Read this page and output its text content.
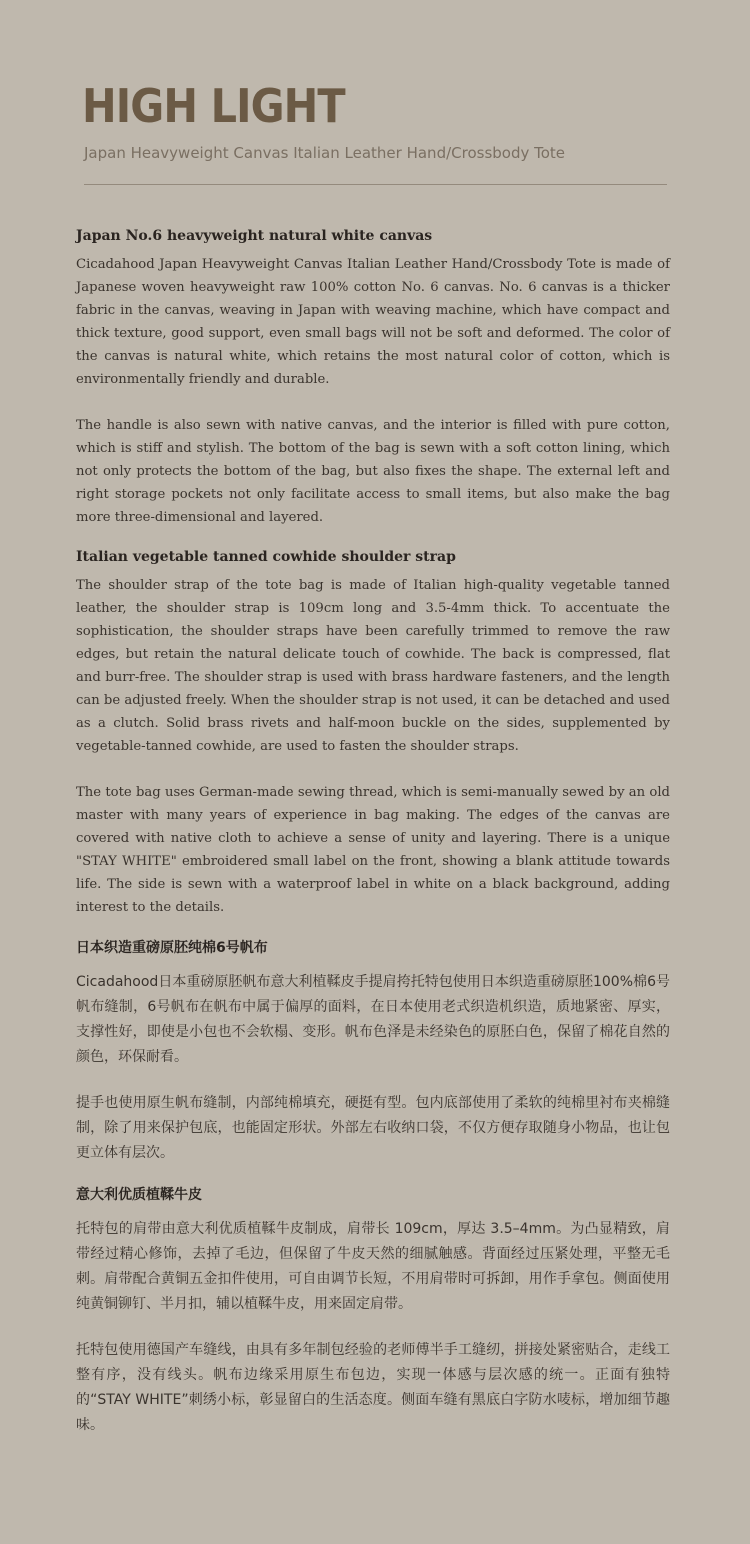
HIGH LIGHT
Japan Heavyweight Canvas Italian Leather Hand/Crossbody Tote
Japan No.6 heavyweight natural white canvas

Cicadahood Japan Heavyweight Canvas Italian Leather Hand/Crossbody Tote is made of Japanese woven heavyweight raw 100% cotton No. 6 canvas. No. 6 canvas is a thicker fabric in the canvas, weaving in Japan with weaving machine, which have compact and thick texture, good support, even small bags will not be soft and deformed. The color of the canvas is natural white, which retains the most natural color of cotton, which is environmentally friendly and durable.

The handle is also sewn with native canvas, and the interior is filled with pure cotton, which is stiff and stylish. The bottom of the bag is sewn with a soft cotton lining, which not only protects the bottom of the bag, but also fixes the shape. The external left and right storage pockets not only facilitate access to small items, but also make the bag more three-dimensional and layered.

Italian vegetable tanned cowhide shoulder strap

The shoulder strap of the tote bag is made of Italian high-quality vegetable tanned leather, the shoulder strap is 109cm long and 3.5-4mm thick. To accentuate the sophistication, the shoulder straps have been carefully trimmed to remove the raw edges, but retain the natural delicate touch of cowhide. The back is compressed, flat and burr-free. The shoulder strap is used with brass hardware fasteners, and the length can be adjusted freely. When the shoulder strap is not used, it can be detached and used as a clutch. Solid brass rivets and half-moon buckle on the sides, supplemented by vegetable-tanned cowhide, are used to fasten the shoulder straps.

The tote bag uses German-made sewing thread, which is semi-manually sewed by an old master with many years of experience in bag making. The edges of the canvas are covered with native cloth to achieve a sense of unity and layering. There is a unique "STAY WHITE" embroidered small label on the front, showing a blank attitude towards life. The side is sewn with a waterproof label in white on a black background, adding interest to the details.

日本织造重磅原胚纯棉6号帆布

Cicadahood日本重磅原胚帆布意大利植鞣皮手提肩挎托特包使用日本织造重磅原胚100%棉6号帆布缝制，6号帆布在帆布中属于偏厚的面料，在日本使用老式织造机织造，质地紧密、厚实，支撑性好，即使是小包也不会软榻、变形。帆布色泽是未经染色的原胚白色，保留了棉花自然的颜色，环保耐看。

提手也使用原生帆布缝制，内部纯棉填充，硬挺有型。包内底部使用了柔软的纯棉里衬布夹棉缝制，除了用来保护包底，也能固定形状。外部左右收纳口袋，不仅方便存取随身小物品，也让包更立体有层次。

意大利优质植鞣牛皮

托特包的肩带由意大利优质植鞣牛皮制成，肩带长 109cm，厚达 3.5–4mm。为凸显精致，肩带经过精心修饰，去掉了毛边，但保留了牛皮天然的细腻触感。背面经过压紧处理，平整无毛刺。肩带配合黄铜五金扣件使用，可自由调节长短，不用肩带时可拆卸，用作手拿包。侧面使用纯黄铜铆钉、半月扣，辅以植鞣牛皮，用来固定肩带。

托特包使用德国产车缝线，由具有多年制包经验的老师傅半手工缝纫，拼接处紧密贴合，走线工整有序，没有线头。帆布边缘采用原生布包边，实现一体感与层次感的统一。正面有独特的“STAY WHITE”刺绣小标，彰显留白的生活态度。侧面车缝有黑底白字防水唛标，增加细节趣味。
